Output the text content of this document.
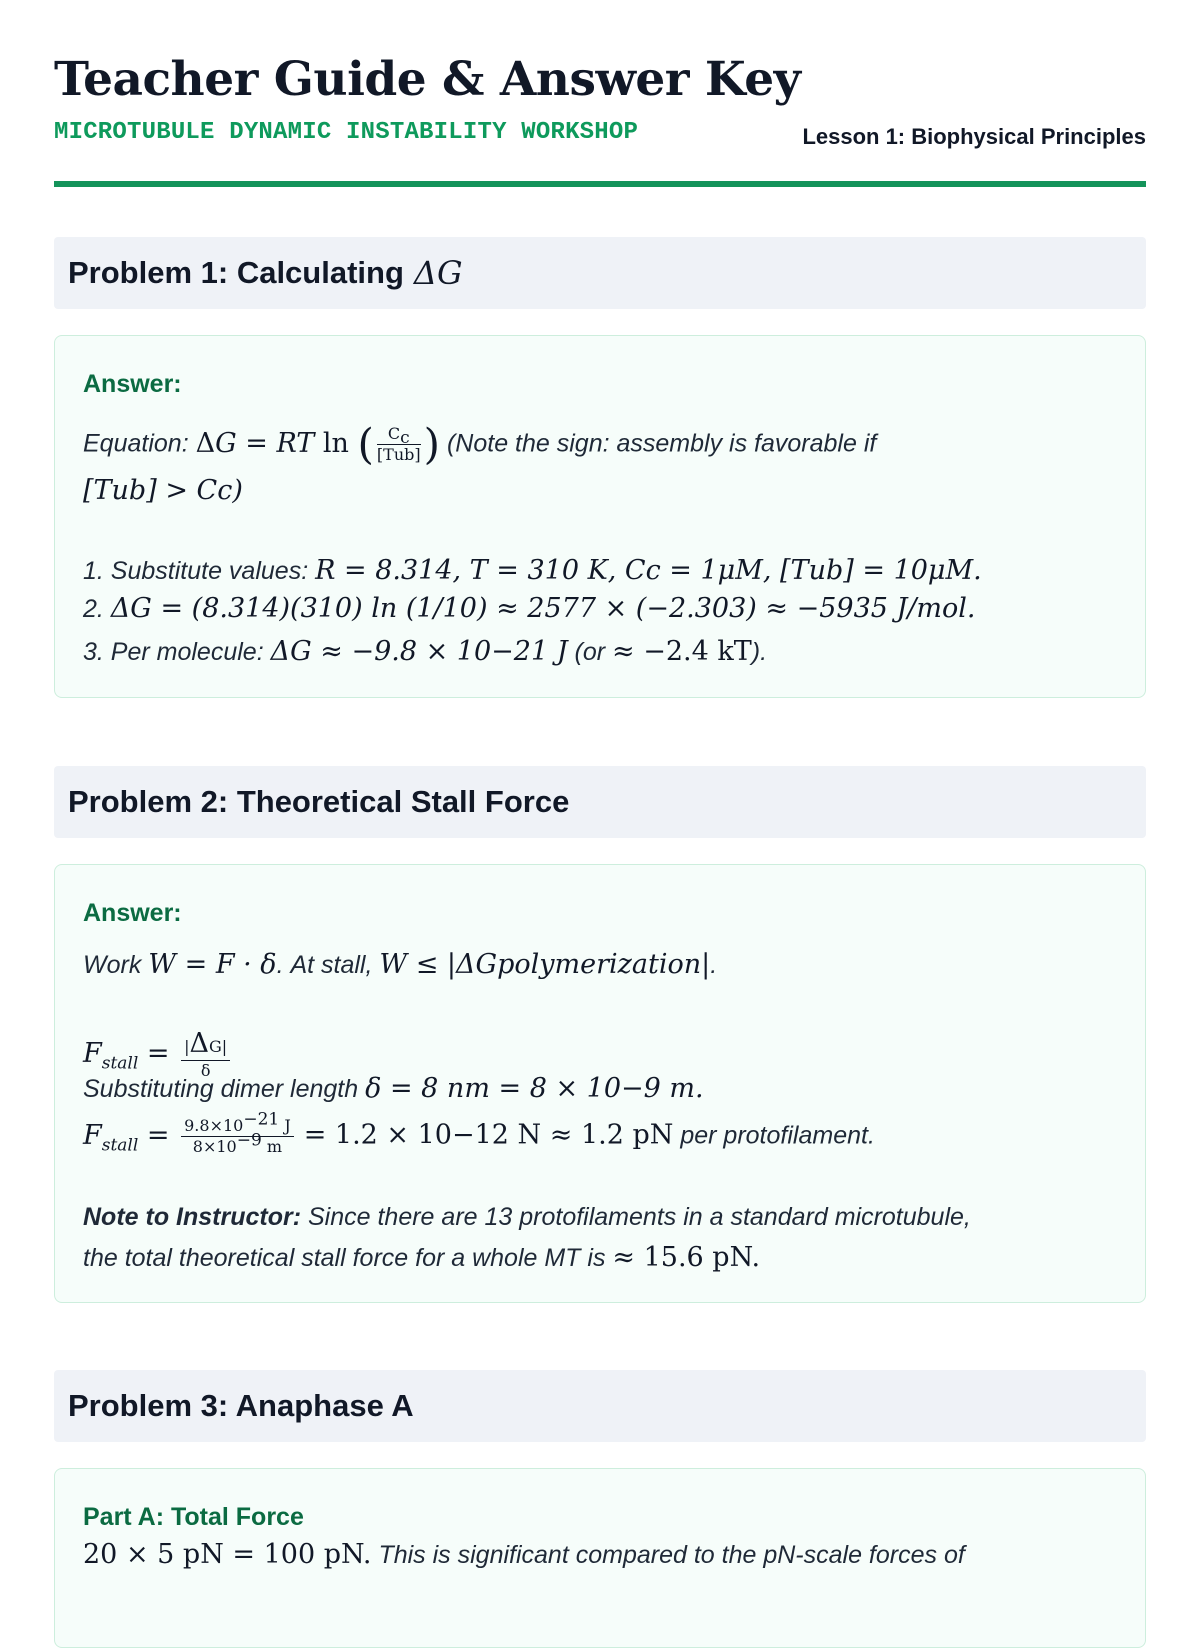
Teacher Guide & Answer Key
MICROTUBULE DYNAMIC INSTABILITY WORKSHOP	Lesson 1: Biophysical Principles
Problem 1: Calculating ΔG
Answer:
Equation: ΔG = RT ln ( $\frac{C_c}{\text{[Tub]}}$ ) (Note the sign: assembly is favorable if
[Tub] > Cc)
1. Substitute values: R = 8.314, T = 310 K, Cc = 1μM, [Tub] = 10μM.
2. ΔG = (8.314)(310) ln (1/10) ≈ 2577 × (−2.303) ≈ −5935 J/mol.
3. Per molecule: ΔG ≈ −9.8 × 10−21 J (or ≈ −2.4 kT).
Problem 2: Theoretical Stall Force
Answer:
Work W = F · δ. At stall, W ≤ |ΔGpolymerization|.
$F_{stall} = \frac{|\Delta G|}{\delta}$
Substituting dimer length δ = 8 nm = 8 × 10−9 m.
$F_{stall} = \frac{9.8\times 10^{-21} J}{8\times 10^{-9} m} = 1.2 \times 10-12$ N ≈ 1.2 pN per protofilament.
Note to Instructor: Since there are 13 protofilaments in a standard microtubule,
the total theoretical stall force for a whole MT is ≈ 15.6 pN.
Problem 3: Anaphase A
Part A: Total Force
20 × 5 pN = 100 pN. This is significant compared to the pN-scale forces of
